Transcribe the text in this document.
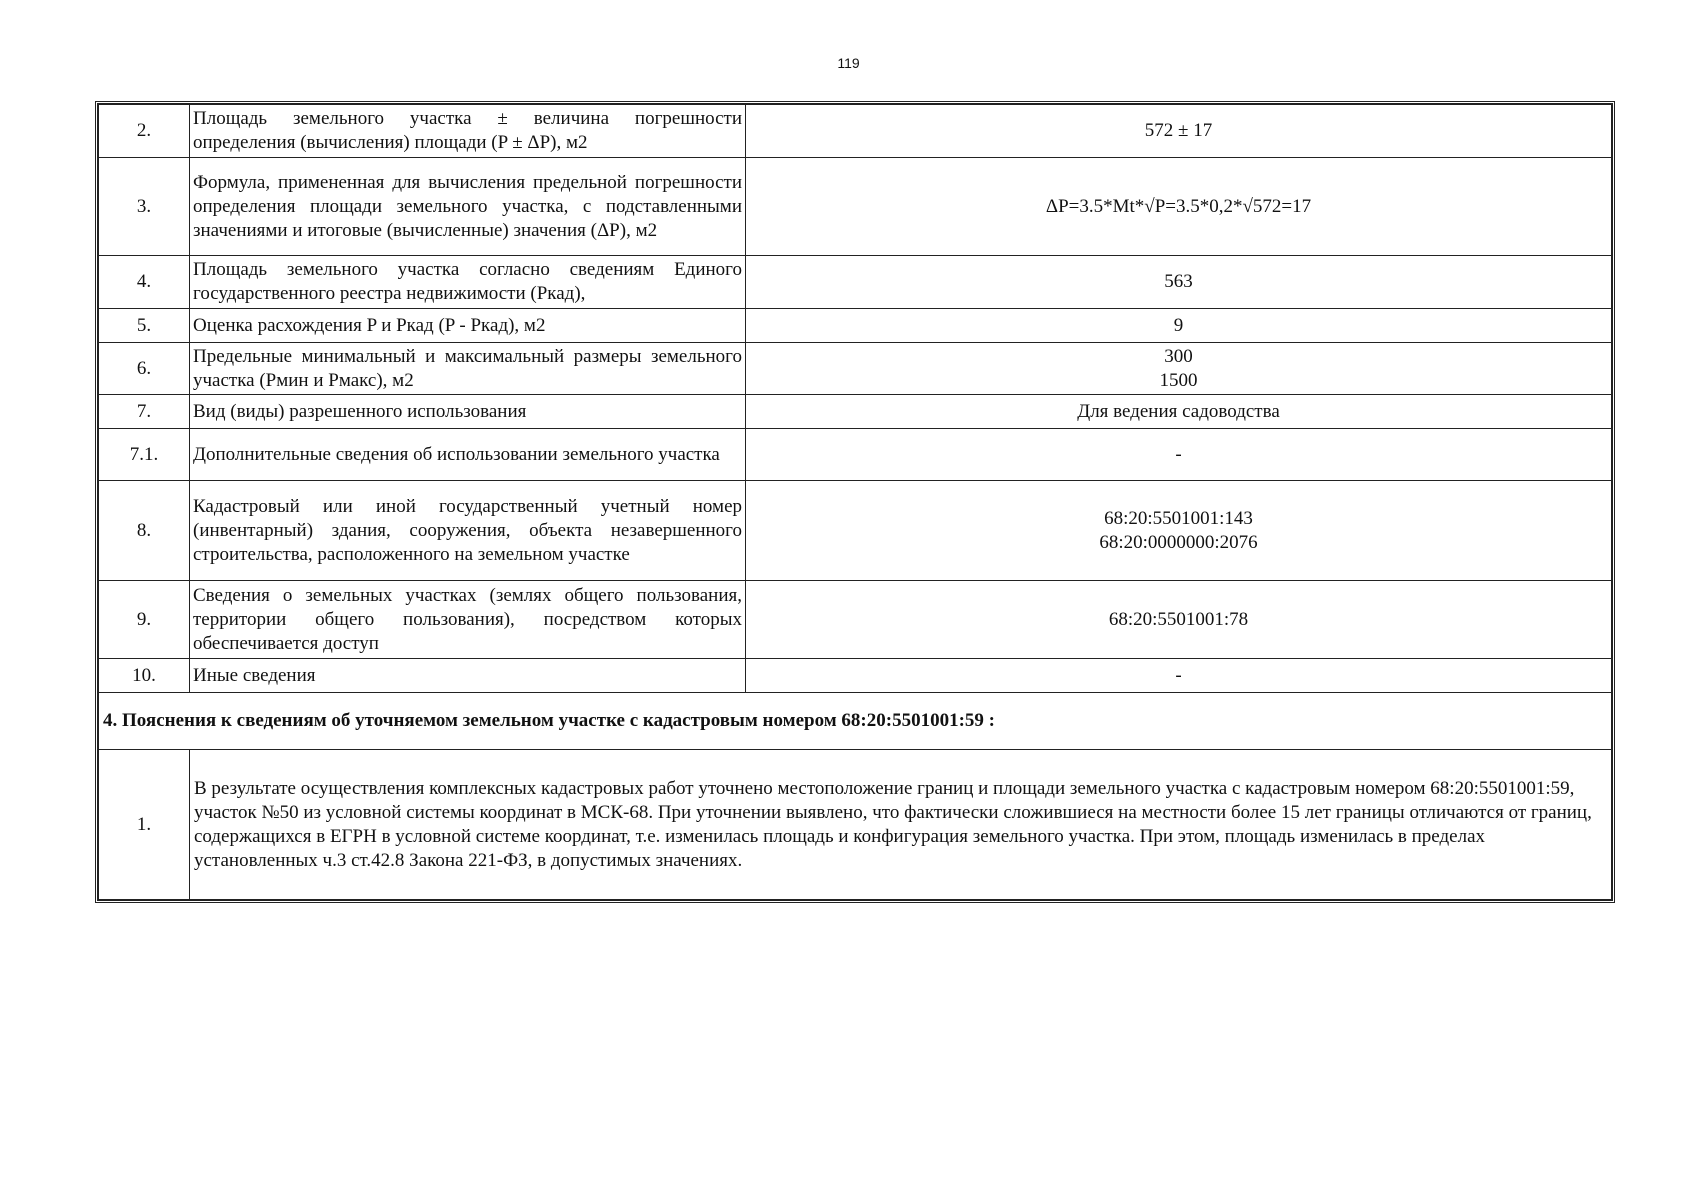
119
2.	Площадь земельного участка ± величина погрешности определения (вычисления) площади (P ± ΔP), м2	572 ± 17

3.	Формула, примененная для вычисления предельной погрешности определения площади земельного участка, с подставленными значениями и итоговые (вычисленные) значения (ΔP), м2	ΔP=3.5*Mt*√P=3.5*0,2*√572=17

4.	Площадь земельного участка согласно сведениям Единого государственного реестра недвижимости (Pкад),	563

5.	Оценка расхождения P и Pкад (P - Pкад), м2	9

6.	Предельные минимальный и максимальный размеры земельного участка (Pмин и Pмакс), м2	300
1500

7.	Вид (виды) разрешенного использования	Для ведения садоводства

7.1.	Дополнительные сведения об использовании земельного участка	-

8.	Кадастровый или иной государственный учетный номер (инвентарный) здания, сооружения, объекта незавершенного строительства, расположенного на земельном участке	68:20:5501001:143
68:20:0000000:2076

9.	Сведения о земельных участках (землях общего пользования, территории общего пользования), посредством которых обеспечивается доступ	68:20:5501001:78

10.	Иные сведения	-

4. Пояснения к сведениям об уточняемом земельном участке с кадастровым номером 68:20:5501001:59 :		
1.	В результате осуществления комплексных кадастровых работ уточнено местоположение границ и площади земельного участка с кадастровым номером 68:20:5501001:59, участок №50 из условной системы координат в МСК-68. При уточнении выявлено, что фактически сложившиеся на местности более 15 лет границы отличаются от границ, содержащихся в ЕГРН в условной системе координат, т.е. изменилась площадь и конфигурация земельного участка. При этом, площадь изменилась в пределах установленных ч.3 ст.42.8 Закона 221-ФЗ, в допустимых значениях.	
